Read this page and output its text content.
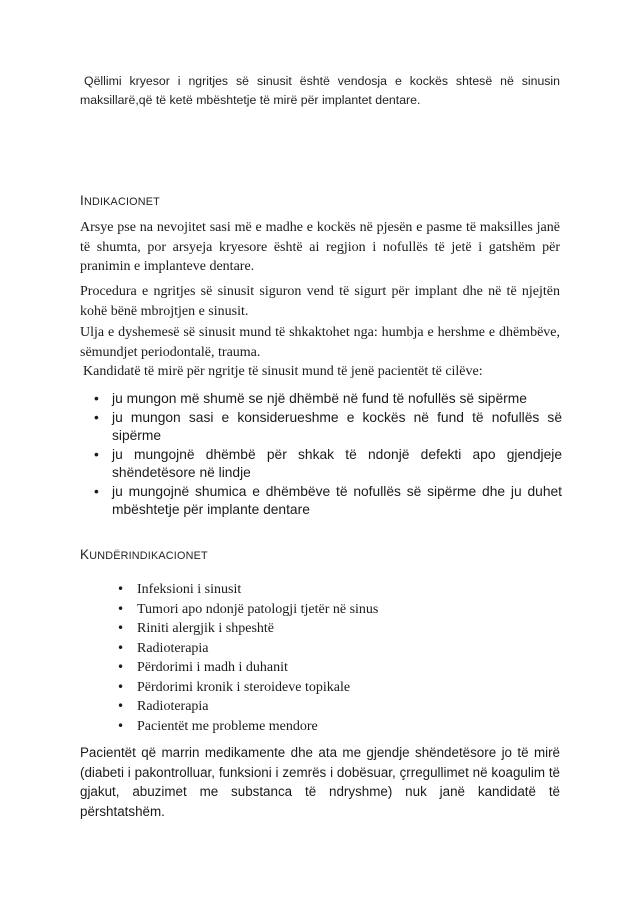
Qëllimi kryesor i ngritjes së sinusit është vendosja e kockës shtesë në sinusin maksillarë,që të ketë mbështetje të mirë për implantet dentare.
INDIKACIONET

Arsye pse na nevojitet sasi më e madhe e kockës në pjesën e pasme të maksilles janë të shumta, por arsyeja kryesore është ai regjion i nofullës të jetë i gatshëm për pranimin e implanteve dentare.

Procedura e ngritjes së sinusit siguron vend të sigurt për implant dhe në të njejtën kohë bënë mbrojtjen e sinusit.

Ulja e dyshemesë së sinusit mund të shkaktohet nga: humbja e hershme e dhëmbëve, sëmundjet periodontalë, trauma.

Kandidatë të mirë për ngritje të sinusit mund të jenë pacientët të cilëve:

• ju mungon më shumë se një dhëmbë në fund të nofullës së sipërme
• ju mungon sasi e konsiderueshme e kockës në fund të nofullës së sipërme
• ju mungojnë dhëmbë për shkak të ndonjë defekti apo gjendjeje shëndetësore në lindje
• ju mungojnë shumica e dhëmbëve të nofullës së sipërme dhe ju duhet mbështetje për implante dentare
KUNDËRINDIKACIONET
• Infeksioni i sinusit
• Tumori apo ndonjë patologji tjetër në sinus
• Riniti alergjik i shpeshtë
• Radioterapia
• Përdorimi i madh i duhanit
• Përdorimi kronik i steroideve topikale
• Radioterapia
• Pacientët me probleme mendore

Pacientët që marrin medikamente dhe ata me gjendje shëndetësore jo të mirë (diabeti i pakontrolluar, funksioni i zemrës i dobësuar, çrregullimet në koagulim të gjakut, abuzimet me substanca të ndryshme) nuk janë kandidatë të përshtatshëm.
